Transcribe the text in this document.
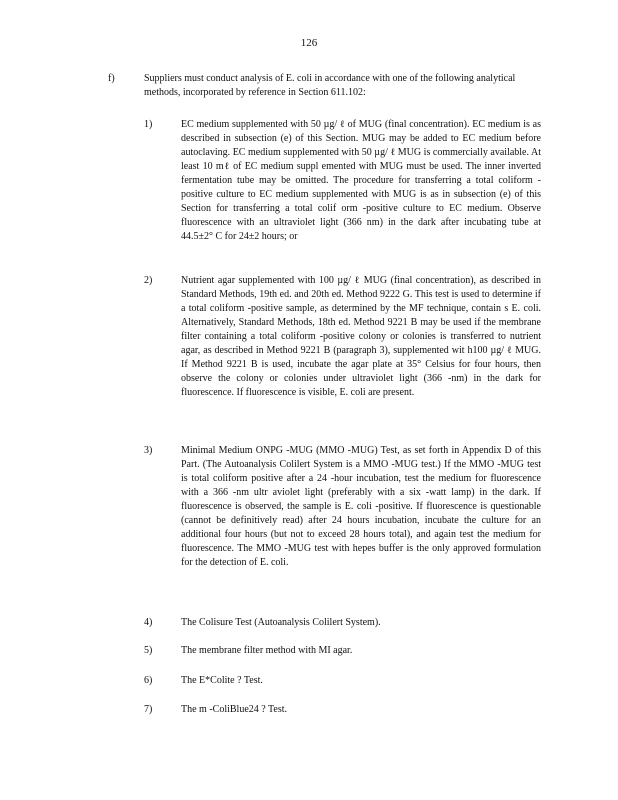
126
f)	Suppliers must conduct analysis of E. coli in accordance with one of the following analytical methods, incorporated by reference in Section 611.102:
1)	EC medium supplemented with 50 µg/ ℓ of MUG (final concentration). EC medium is as described in subsection (e) of this Section. MUG may be added to EC medium before autoclaving. EC medium supplemented with 50 µg/ ℓ MUG is commercially available. At least 10 mℓ of EC medium suppl emented with MUG must be used. The inner inverted fermentation tube may be omitted. The procedure for transferring a total coliform -positive culture to EC medium supplemented with MUG is as in subsection (e) of this Section for transferring a total colif orm -positive culture to EC medium. Observe fluorescence with an ultraviolet light (366 nm) in the dark after incubating tube at 44.5±2° C for 24±2 hours; or
2)	Nutrient agar supplemented with 100 µg/ ℓ MUG (final concentration), as described in Standard Methods, 19th ed. and 20th ed. Method 9222 G. This test is used to determine if a total coliform -positive sample, as determined by the MF technique, contain s E. coli. Alternatively, Standard Methods, 18th ed. Method 9221 B may be used if the membrane filter containing a total coliform -positive colony or colonies is transferred to nutrient agar, as described in Method 9221 B (paragraph 3), supplemented wit h100 µg/ ℓ MUG. If Method 9221 B is used, incubate the agar plate at 35° Celsius for four hours, then observe the colony or colonies under ultraviolet light (366 -nm) in the dark for fluorescence. If fluorescence is visible, E. coli are present.
3)	Minimal Medium ONPG -MUG (MMO -MUG) Test, as set forth in Appendix D of this Part. (The Autoanalysis Colilert System is a MMO -MUG test.) If the MMO -MUG test is total coliform positive after a 24 -hour incubation, test the medium for fluorescence with a 366 -nm ultr aviolet light (preferably with a six -watt lamp) in the dark. If fluorescence is observed, the sample is E. coli -positive. If fluorescence is questionable (cannot be definitively read) after 24 hours incubation, incubate the culture for an additional four hours (but not to exceed 28 hours total), and again test the medium for fluorescence. The MMO -MUG test with hepes buffer is the only approved formulation for the detection of E. coli.
4)	The Colisure Test (Autoanalysis Colilert System).
5)	The membrane filter method with MI agar.
6)	The E*Colite ? Test.
7)	The m -ColiBlue24 ? Test.
